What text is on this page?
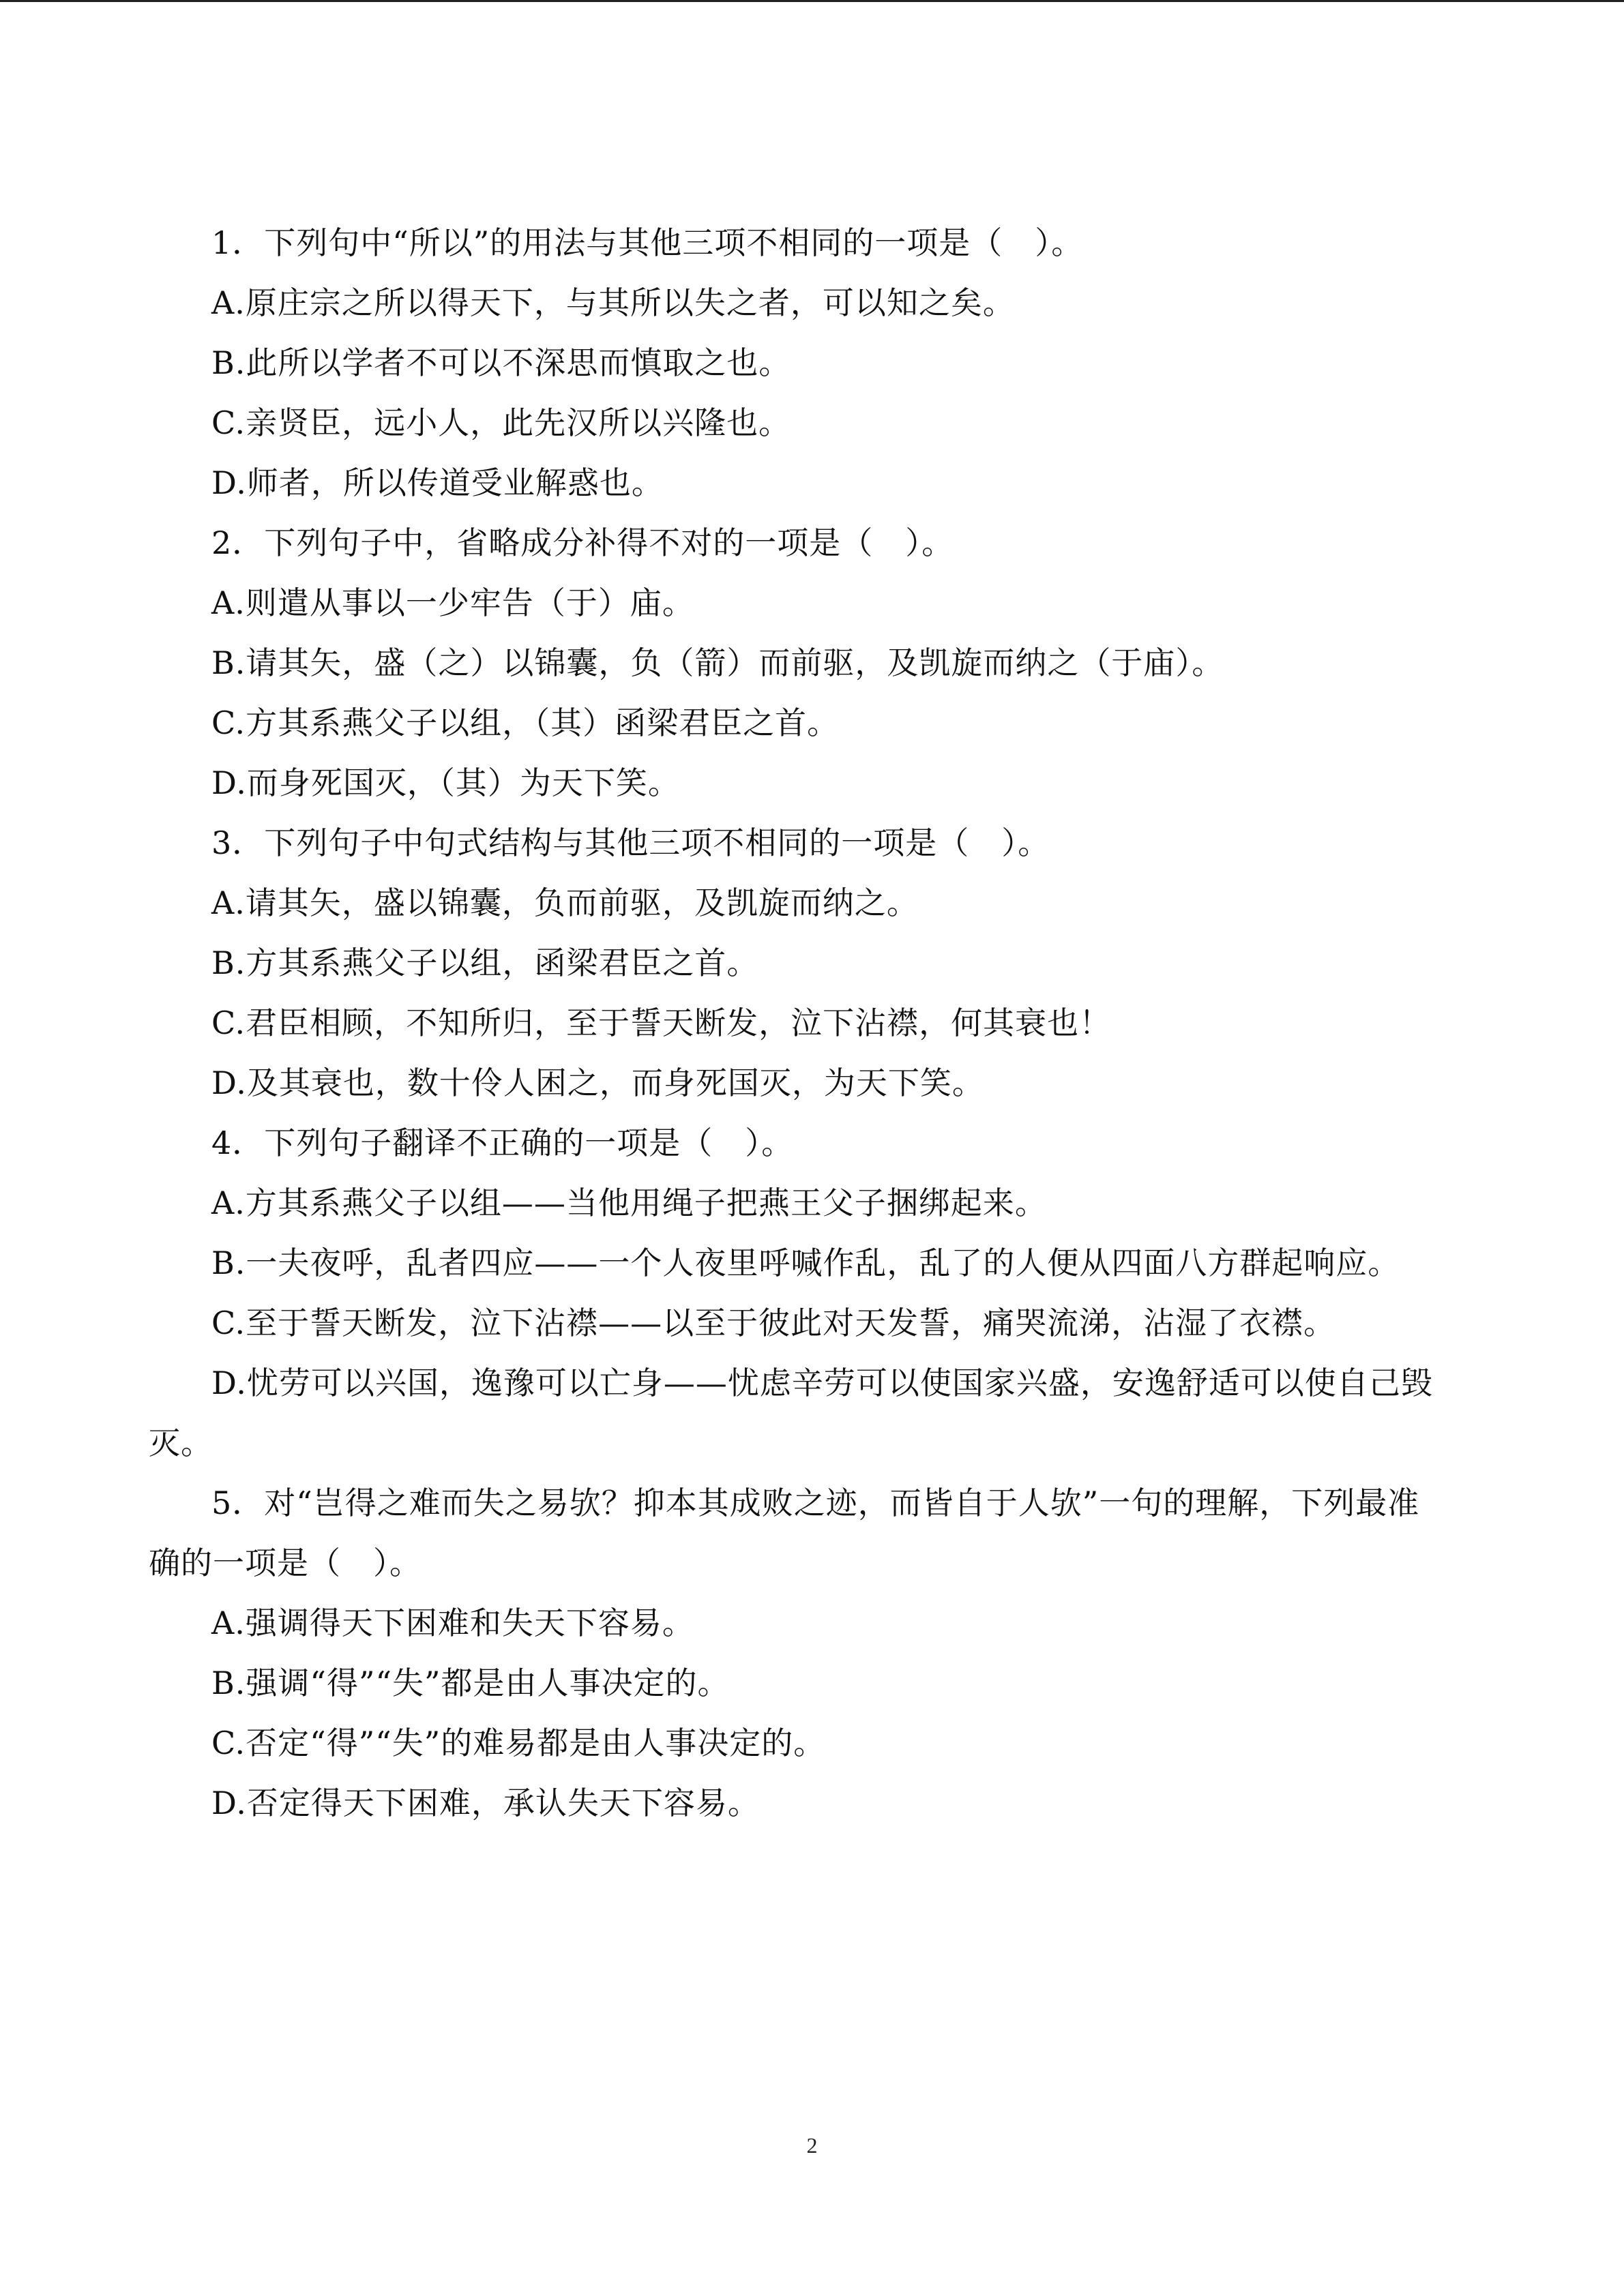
1．下列句中“所以”的用法与其他三项不相同的一项是（　）。
A.原庄宗之所以得天下，与其所以失之者，可以知之矣。
B.此所以学者不可以不深思而慎取之也。
C.亲贤臣，远小人，此先汉所以兴隆也。
D.师者，所以传道受业解惑也。
2．下列句子中，省略成分补得不对的一项是（　）。
A.则遣从事以一少牢告（于）庙。
B.请其矢，盛（之）以锦囊，负（箭）而前驱，及凯旋而纳之（于庙）。
C.方其系燕父子以组，（其）函梁君臣之首。
D.而身死国灭，（其）为天下笑。
3．下列句子中句式结构与其他三项不相同的一项是（　）。
A.请其矢，盛以锦囊，负而前驱，及凯旋而纳之。
B.方其系燕父子以组，函梁君臣之首。
C.君臣相顾，不知所归，至于誓天断发，泣下沾襟，何其衰也！
D.及其衰也，数十伶人困之，而身死国灭，为天下笑。
4．下列句子翻译不正确的一项是（　）。
A.方其系燕父子以组——当他用绳子把燕王父子捆绑起来。
B.一夫夜呼，乱者四应——一个人夜里呼喊作乱，乱了的人便从四面八方群起响应。
C.至于誓天断发，泣下沾襟——以至于彼此对天发誓，痛哭流涕，沾湿了衣襟。
D.忧劳可以兴国，逸豫可以亡身——忧虑辛劳可以使国家兴盛，安逸舒适可以使自己毁
灭。
5．对“岂得之难而失之易欤？抑本其成败之迹，而皆自于人欤”一句的理解，下列最准
确的一项是（　）。
A.强调得天下困难和失天下容易。
B.强调“得”“失”都是由人事决定的。
C.否定“得”“失”的难易都是由人事决定的。
D.否定得天下困难，承认失天下容易。
2
